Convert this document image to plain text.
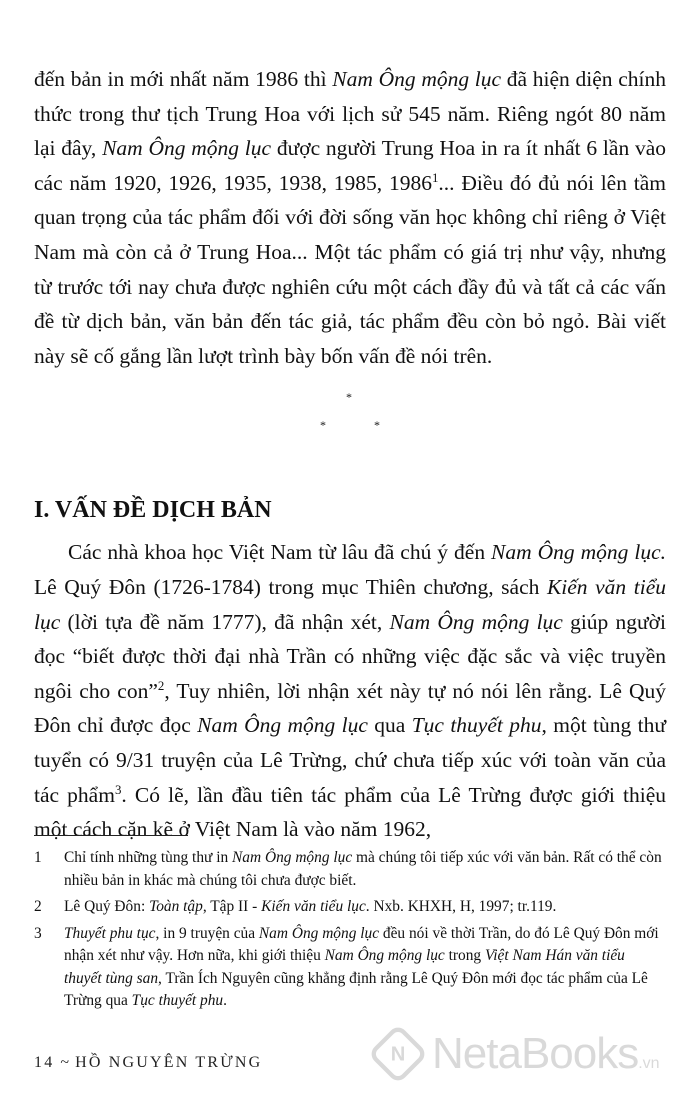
đến bản in mới nhất năm 1986 thì Nam Ông mộng lục đã hiện diện chính thức trong thư tịch Trung Hoa với lịch sử 545 năm. Riêng ngót 80 năm lại đây, Nam Ông mộng lục được người Trung Hoa in ra ít nhất 6 lần vào các năm 1920, 1926, 1935, 1938, 1985, 1986$^1$... Điều đó đủ nói lên tầm quan trọng của tác phẩm đối với đời sống văn học không chỉ riêng ở Việt Nam mà còn cả ở Trung Hoa... Một tác phẩm có giá trị như vậy, nhưng từ trước tới nay chưa được nghiên cứu một cách đầy đủ và tất cả các vấn đề từ dịch bản, văn bản đến tác giả, tác phẩm đều còn bỏ ngỏ. Bài viết này sẽ cố gắng lần lượt trình bày bốn vấn đề nói trên.

*
*	*
I. VẤN ĐỀ DỊCH BẢN

Các nhà khoa học Việt Nam từ lâu đã chú ý đến Nam Ông mộng lục. Lê Quý Đôn (1726-1784) trong mục Thiên chương, sách Kiến văn tiểu lục (lời tựa đề năm 1777), đã nhận xét, Nam Ông mộng lục giúp người đọc “biết được thời đại nhà Trần có những việc đặc sắc và việc truyền ngôi cho con”$^2$, Tuy nhiên, lời nhận xét này tự nó nói lên rằng. Lê Quý Đôn chỉ được đọc Nam Ông mộng lục qua Tục thuyết phu, một tùng thư tuyển có 9/31 truyện của Lê Trừng, chứ chưa tiếp xúc với toàn văn của tác phẩm$^3$. Có lẽ, lần đầu tiên tác phẩm của Lê Trừng được giới thiệu một cách cặn kẽ ở Việt Nam là vào năm 1962,

1	Chỉ tính những tùng thư in Nam Ông mộng lục mà chúng tôi tiếp xúc với văn bản. Rất có thể còn nhiều bản in khác mà chúng tôi chưa được biết.
2	Lê Quý Đôn: Toàn tập, Tập II - Kiến văn tiểu lục. Nxb. KHXH, H, 1997; tr.119.
3	Thuyết phu tục, in 9 truyện của Nam Ông mộng lục đều nói về thời Trần, do đó Lê Quý Đôn mới nhận xét như vậy. Hơn nữa, khi giới thiệu Nam Ông mộng lục trong Việt Nam Hán văn tiểu thuyết tùng san, Trần Ích Nguyên cũng khẳng định rằng Lê Quý Đôn mới đọc tác phẩm của Lê Trừng qua Tục thuyết phu.
14 ~ HỒ NGUYÊN TRỪNG	N NetaBooks.vn
